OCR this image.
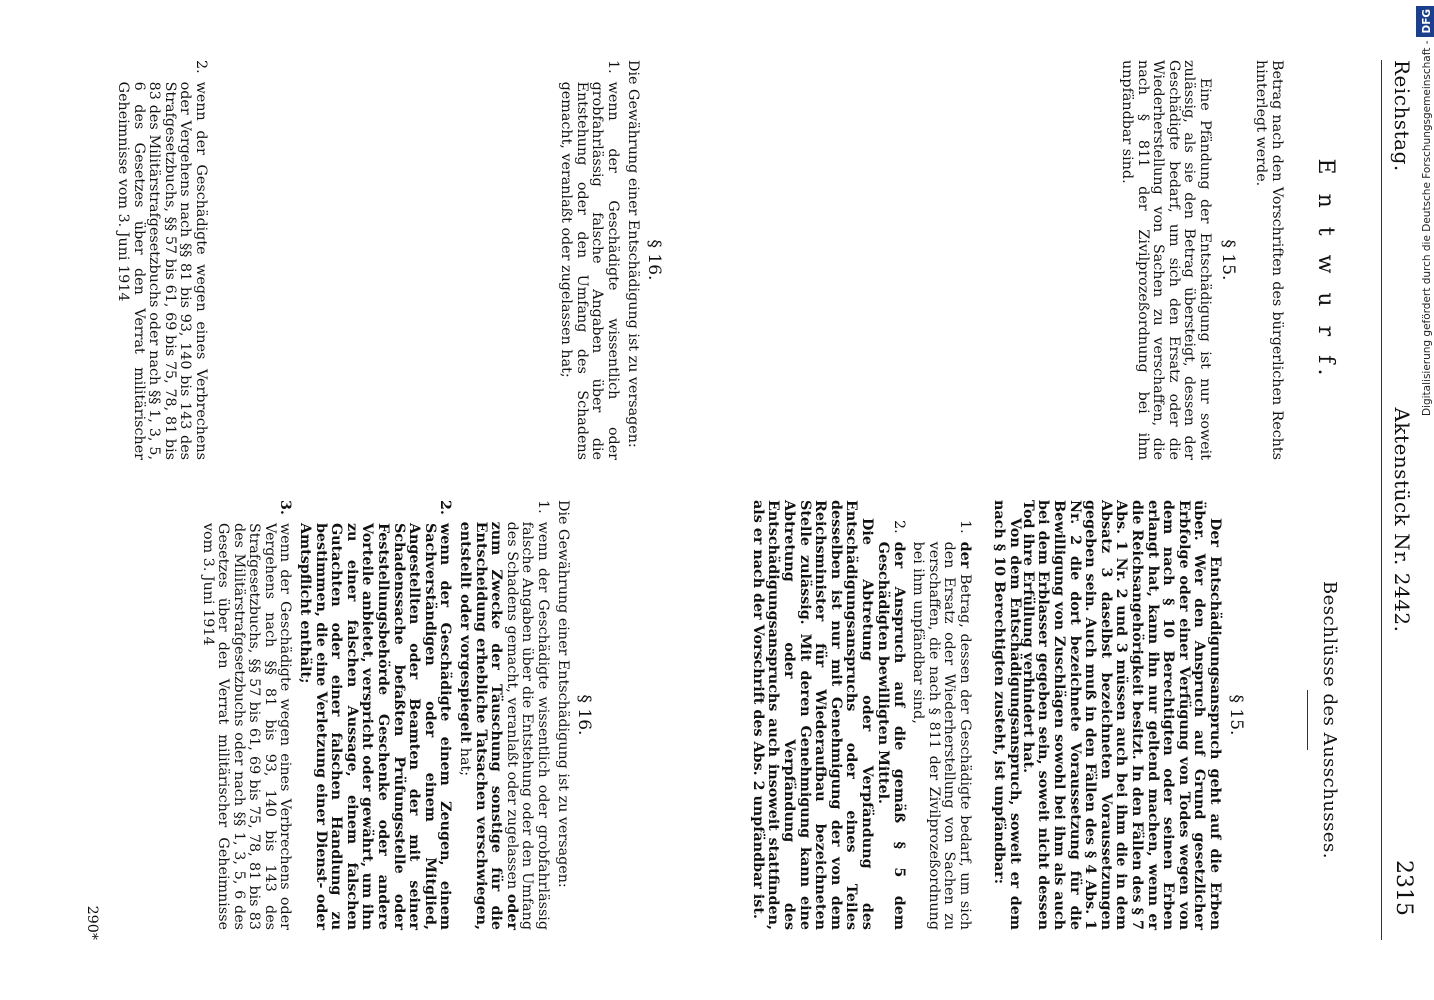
Reichstag.
Aktenstück Nr. 2442.
2315
E n t w u r f.
Betrag nach den Vorschriften des bürgerlichen Rechts hinterlegt werde.
§ 15.
Eine Pfändung der Entschädigung ist nur soweit zulässig, als sie den Betrag übersteigt, dessen der Geschädigte bedarf, um sich den Ersatz oder die Wiederherstellung von Sachen zu verschaffen, die nach § 811 der Zivilprozeßordnung bei ihm unpfändbar sind.
§ 16.
Die Gewährung einer Entschädigung ist zu versagen:
1.
wenn der Geschädigte wissentlich oder grobfahrlässig falsche Angaben über die Entstehung oder den Umfang des Schadens gemacht, veranlaßt oder zugelassen hat;
2.
wenn der Geschädigte wegen eines Verbrechens oder Vergehens nach §§ 81 bis 93, 140 bis 143 des Strafgesetzbuchs, §§ 57 bis 61, 69 bis 75, 78, 81 bis 83 des Militärstrafgesetzbuchs oder nach §§ 1, 3, 5, 6 des Gesetzes über den Verrat militärischer Geheimnisse vom 3. Juni 1914
Beschlüsse des Ausschusses.
§ 15.
Der Entschädigungsanspruch geht auf die Erben über. Wer den Anspruch auf Grund gesetzlicher Erbfolge oder einer Verfügung von Todes wegen von dem nach § 10 Berechtigten oder seinen Erben erlangt hat, kann ihn nur geltend machen, wenn er die Reichsangehörigkeit besitzt. In den Fällen des § 7 Abs. 1 Nr. 2 und 3 müssen auch bei ihm die in dem Absatz 3 daselbst bezeichneten Voraussetzungen gegeben sein. Auch muß in den Fällen des § 4 Abs. 1 Nr. 2 die dort bezeichnete Voraussetzung für die Bewilligung von Zuschlägen sowohl bei ihm als auch bei dem Erblasser gegeben sein, soweit nicht dessen Tod ihre Erfüllung verhindert hat.
Von dem Entschädigungsanspruch, soweit er dem nach § 10 Berechtigten zusteht, ist unpfändbar:
1.
der Betrag, dessen der Geschädigte bedarf, um sich den Ersatz oder Wiederherstellung von Sachen zu verschaffen, die nach § 811 der Zivilprozeßordnung bei ihm unpfändbar sind,
2.
der Anspruch auf die gemäß § 5 dem Geschädigten bewilligten Mittel.
Die Abtretung oder Verpfändung des Entschädigungsanspruchs oder eines Teiles desselben ist nur mit Genehmigung der von dem Reichsminister für Wiederaufbau bezeichneten Stelle zulässig. Mit deren Genehmigung kann eine Abtretung oder Verpfändung des Entschädigungsanspruchs auch insoweit stattfinden, als er nach der Vorschrift des Abs. 2 unpfändbar ist.
§ 16.
Die Gewährung einer Entschädigung ist zu versagen:
1.
wenn der Geschädigte wissentlich oder grobfahrlässig falsche Angaben über die Entstehung oder den Umfang des Schadens gemacht, veranlaßt oder zugelassen oder zum Zwecke der Täuschung sonstige für die Entscheidung erhebliche Tatsachen verschwiegen, entstellt oder vorgespiegelt hat;
2.
wenn der Geschädigte einem Zeugen, einem Sachverständigen oder einem Mitglied, Angestellten oder Beamten der mit seiner Schadenssache befaßten Prüfungsstelle oder Feststellungsbehörde Geschenke oder andere Vorteile anbietet, verspricht oder gewährt, um ihn zu einer falschen Aussage, einem falschen Gutachten oder einer falschen Handlung zu bestimmen, die eine Verletzung einer Dienst- oder Amtspflicht enthält;
3.
wenn der Geschädigte wegen eines Verbrechens oder Vergehens nach §§ 81 bis 93, 140 bis 143 des Strafgesetzbuchs, §§ 57 bis 61, 69 bis 75, 78, 81 bis 83 des Militärstrafgesetzbuchs oder nach §§ 1, 3, 5, 6 des Gesetzes über den Verrat militärischer Geheimnisse vom 3. Juni 1914
290*
Digitalisierung gefördert durch die Deutsche Forschungsgemeinschaft -
DFG
